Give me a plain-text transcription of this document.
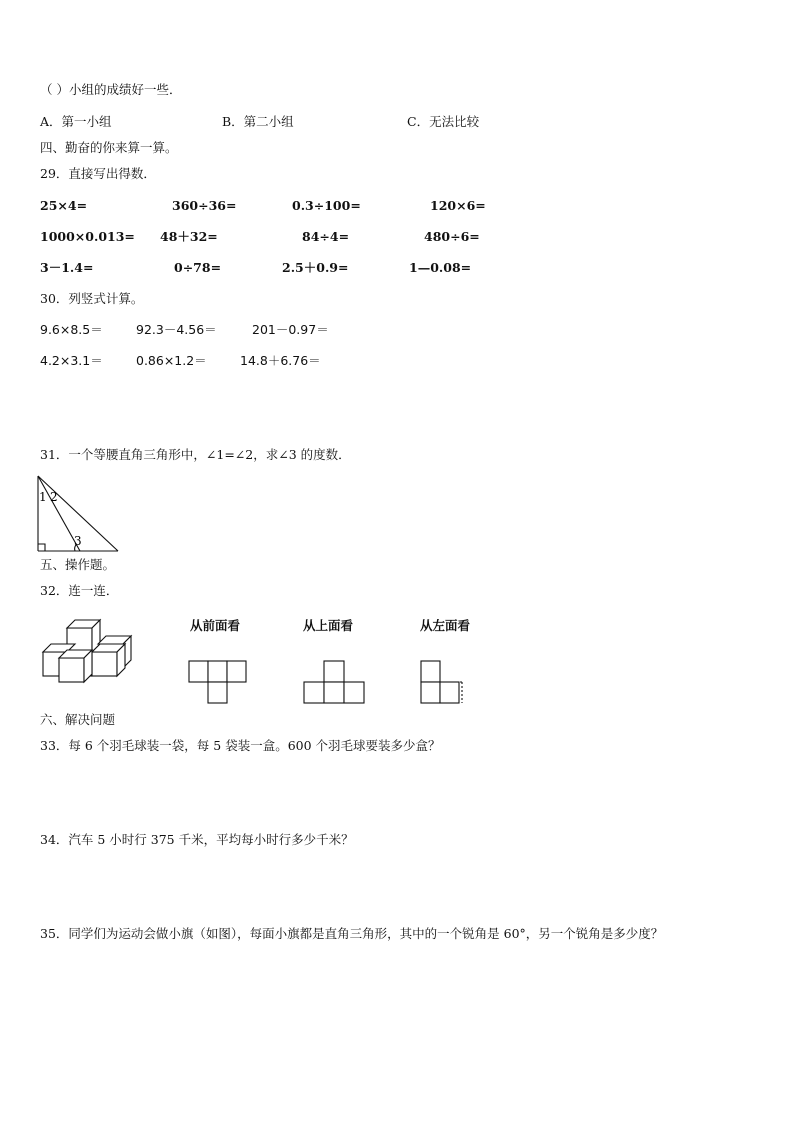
（ ）小组的成绩好一些．
A．第一小组	B．第二小组	C．无法比较
四、勤奋的你来算一算。
29．直接写出得数．
25×4=	360÷36=	0.3÷100=	120×6=
1000×0.013= 48＋32=	84÷4=	480÷6=
3－1.4=	0÷78=	2.5＋0.9=	1—0.08=
30．列竖式计算。
9.6×8.5＝	92.3－4.56＝	201－0.97＝
4.2×3.1＝	0.86×1.2＝	14.8＋6.76＝
31．一个等腰直角三角形中，∠1=∠2，求∠3 的度数．
1 2
3
五、操作题。
32．连一连．
从前面看	从上面看	从左面看
六、解决问题
33．每 6 个羽毛球装一袋，每 5 袋装一盒。600 个羽毛球要装多少盒？
34．汽车 5 小时行 375 千米，平均每小时行多少千米？
35．同学们为运动会做小旗（如图），每面小旗都是直角三角形，其中的一个锐角是 60°，另一个锐角是多少度？
